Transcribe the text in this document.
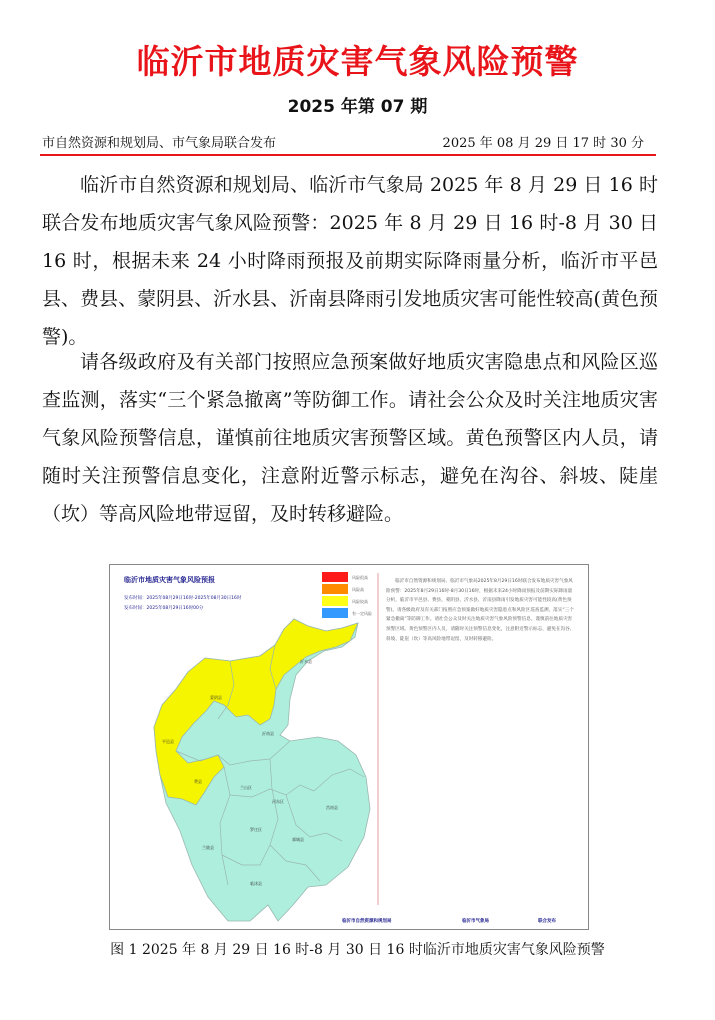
临沂市地质灾害气象风险预警
2025 年第 07 期
市自然资源和规划局、市气象局联合发布	2025 年 08 月 29 日 17 时 30 分
临沂市自然资源和规划局、临沂市气象局 2025 年 8 月 29 日 16 时联合发布地质灾害气象风险预警：2025 年 8 月 29 日 16 时-8 月 30 日 16 时，根据未来 24 小时降雨预报及前期实际降雨量分析，临沂市平邑县、费县、蒙阴县、沂水县、沂南县降雨引发地质灾害可能性较高(黄色预警)。
请各级政府及有关部门按照应急预案做好地质灾害隐患点和风险区巡查监测，落实“三个紧急撤离”等防御工作。请社会公众及时关注地质灾害气象风险预警信息，谨慎前往地质灾害预警区域。黄色预警区内人员，请随时关注预警信息变化，注意附近警示标志，避免在沟谷、斜坡、陡崖（坎）等高风险地带逗留，及时转移避险。
临沂市地质灾害气象风险预报
发布时间：2025年08月29日16时-2025年08月30日16时
发布时间：2025年08月29日16时00分
风险很高
风险高
风险较高
有一定风险
沂水县
蒙阴县
沂南县
平邑县
费县
兰山区
河东区
莒南县
罗庄区
兰陵县
郯城县
临沭县
临沂市自然资源和规划局、临沂市气象局2025年8月29日16时联合发布地质灾害气象风险预警：2025年8月29日16时-8月30日16时，根据未来24小时降雨预报及前期实际降雨量分析，临沂市平邑县、费县、蒙阴县、沂水县、沂南县降雨引发地质灾害可能性较高(黄色预警)。请各级政府及有关部门按照应急预案做好地质灾害隐患点和风险区巡查监测，落实“三个紧急撤离”等防御工作。请社会公众及时关注地质灾害气象风险预警信息，谨慎前往地质灾害预警区域。黄色预警区内人员，请随时关注预警信息变化，注意附近警示标志，避免在沟谷、斜坡、陡崖（坎）等高风险地带逗留，及时转移避险。
临沂市自然资源和规划局	临沂市气象局	联合发布
图 1 2025 年 8 月 29 日 16 时-8 月 30 日 16 时临沂市地质灾害气象风险预警
